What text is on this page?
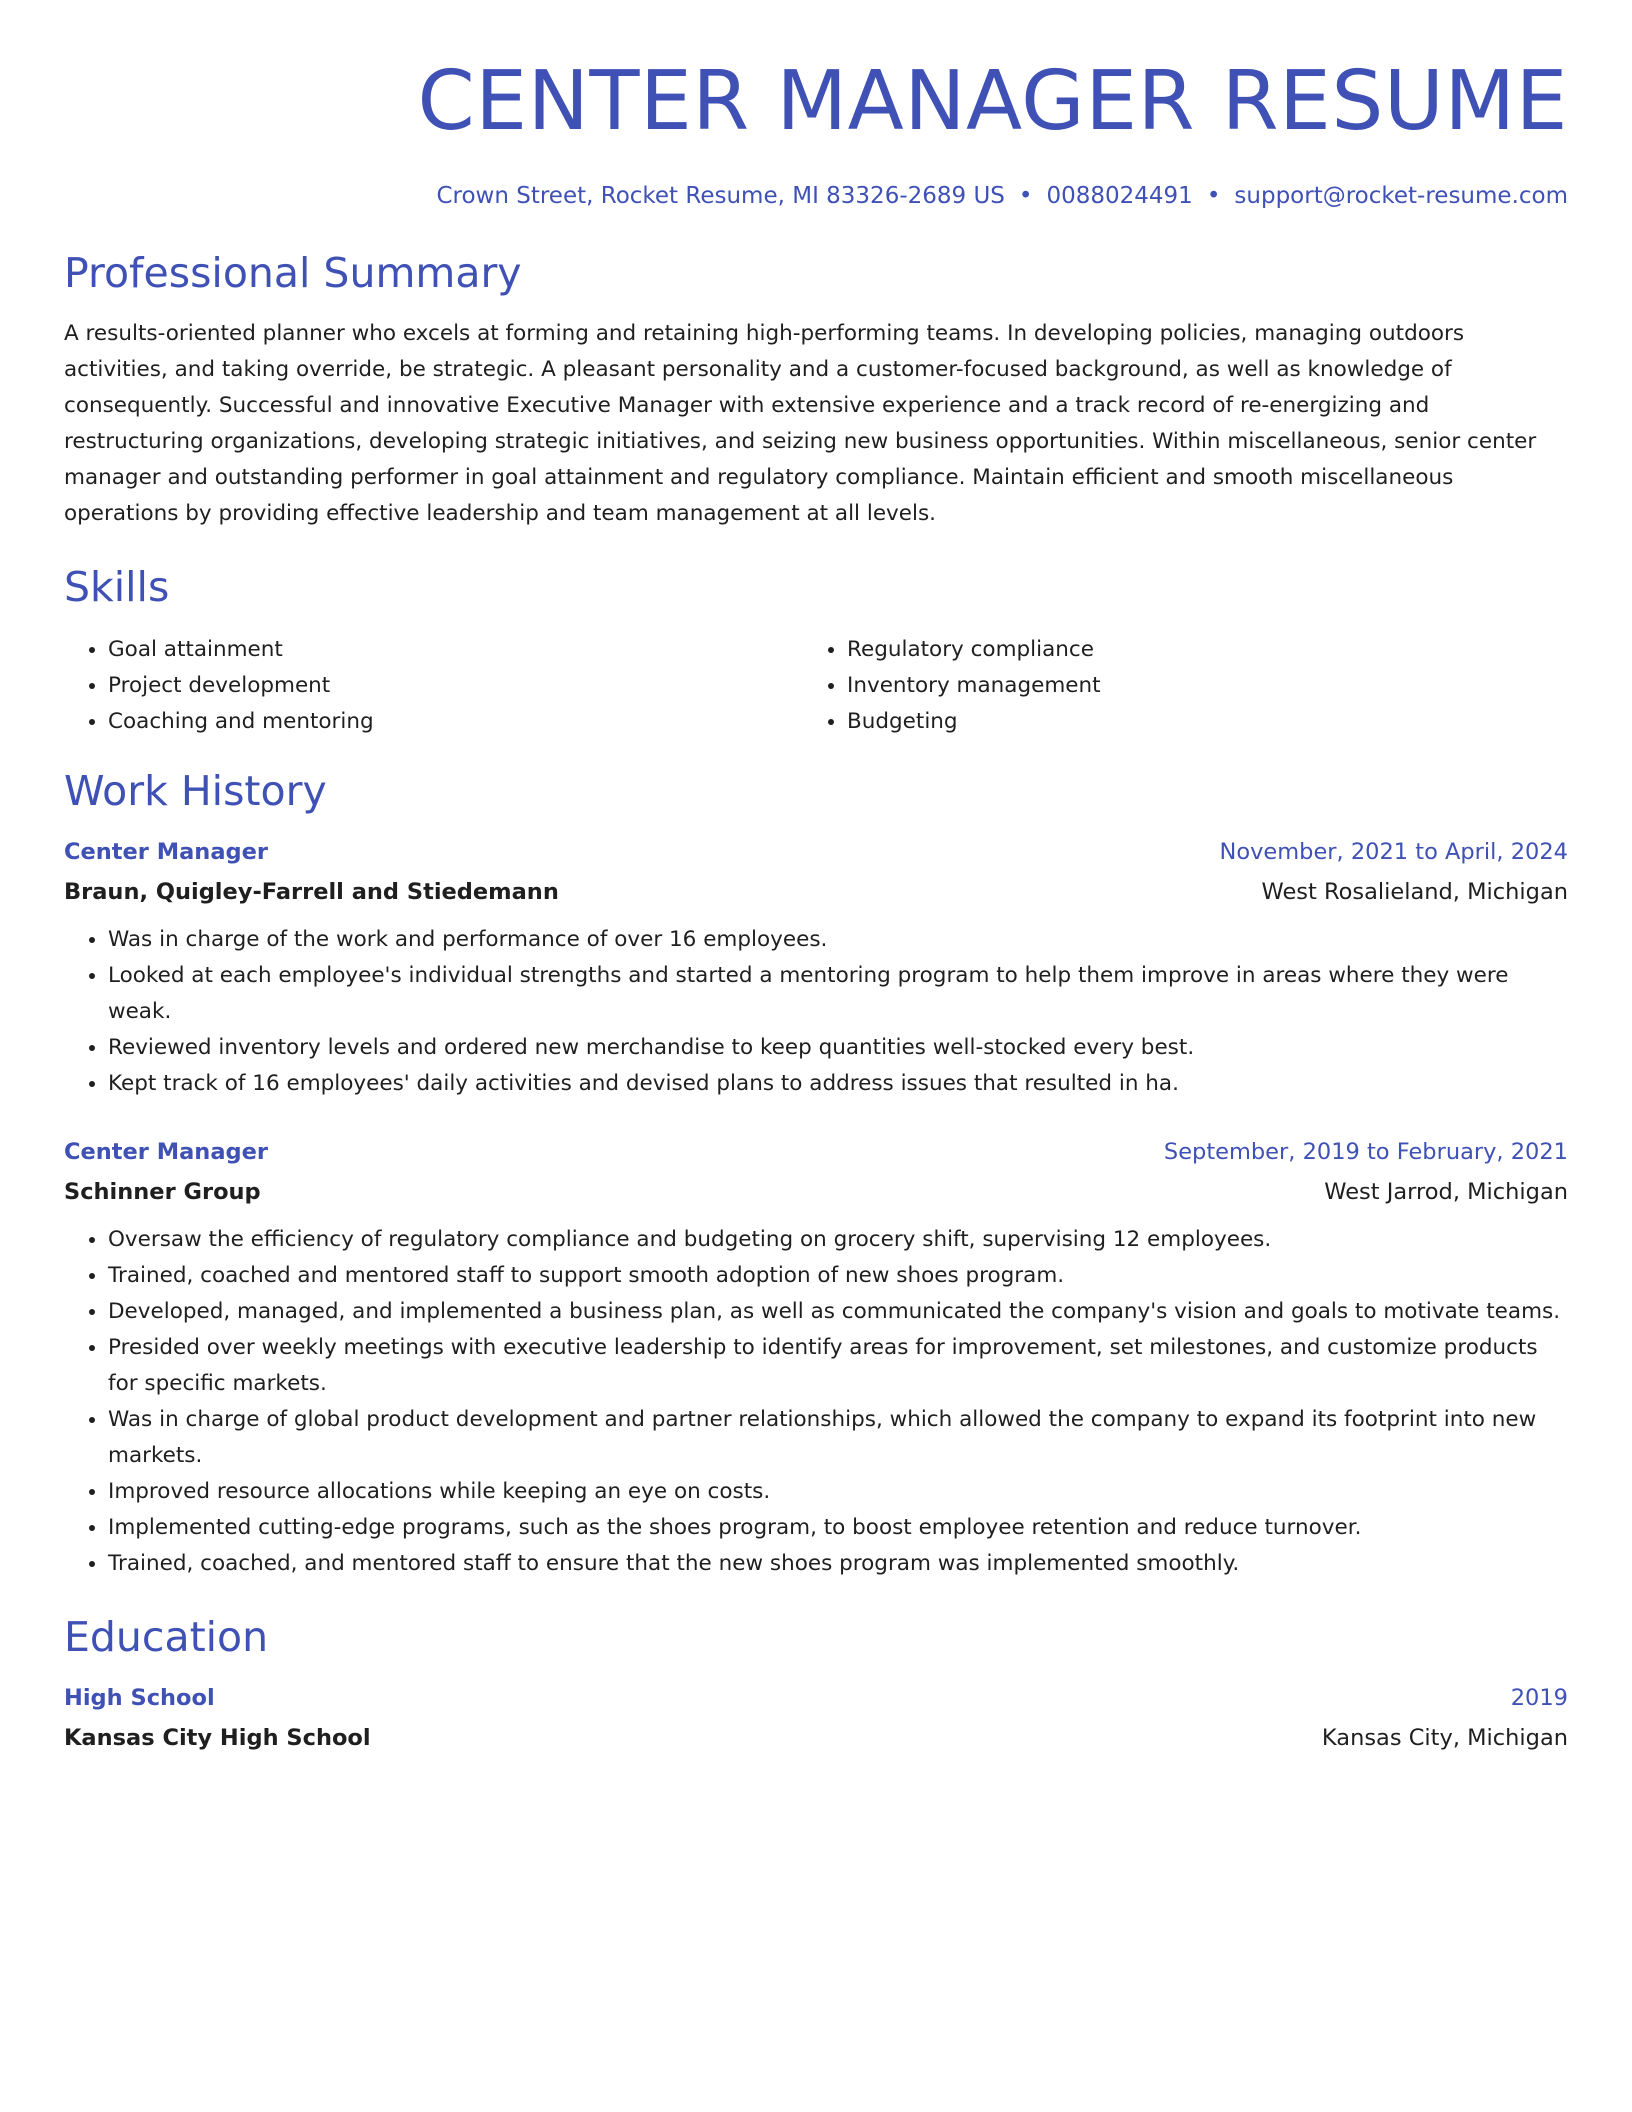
CENTER MANAGER RESUME
Crown Street, Rocket Resume, MI 83326-2689 US • 0088024491 • support@rocket-resume.com
Professional Summary
A results-oriented planner who excels at forming and retaining high-performing teams. In developing policies, managing outdoors activities, and taking override, be strategic. A pleasant personality and a customer-focused background, as well as knowledge of consequently. Successful and innovative Executive Manager with extensive experience and a track record of re-energizing and restructuring organizations, developing strategic initiatives, and seizing new business opportunities. Within miscellaneous, senior center manager and outstanding performer in goal attainment and regulatory compliance. Maintain efficient and smooth miscellaneous operations by providing effective leadership and team management at all levels.
Skills
• Goal attainment
• Project development
• Coaching and mentoring
• Regulatory compliance
• Inventory management
• Budgeting
Work History
Center Manager	November, 2021 to April, 2024
Braun, Quigley-Farrell and Stiedemann	West Rosalieland, Michigan
• Was in charge of the work and performance of over 16 employees.
• Looked at each employee's individual strengths and started a mentoring program to help them improve in areas where they were weak.
• Reviewed inventory levels and ordered new merchandise to keep quantities well-stocked every best.
• Kept track of 16 employees' daily activities and devised plans to address issues that resulted in ha.
Center Manager	September, 2019 to February, 2021
Schinner Group	West Jarrod, Michigan
• Oversaw the efficiency of regulatory compliance and budgeting on grocery shift, supervising 12 employees.
• Trained, coached and mentored staff to support smooth adoption of new shoes program.
• Developed, managed, and implemented a business plan, as well as communicated the company's vision and goals to motivate teams.
• Presided over weekly meetings with executive leadership to identify areas for improvement, set milestones, and customize products for specific markets.
• Was in charge of global product development and partner relationships, which allowed the company to expand its footprint into new markets.
• Improved resource allocations while keeping an eye on costs.
• Implemented cutting-edge programs, such as the shoes program, to boost employee retention and reduce turnover.
• Trained, coached, and mentored staff to ensure that the new shoes program was implemented smoothly.
Education
High School	2019
Kansas City High School	Kansas City, Michigan
